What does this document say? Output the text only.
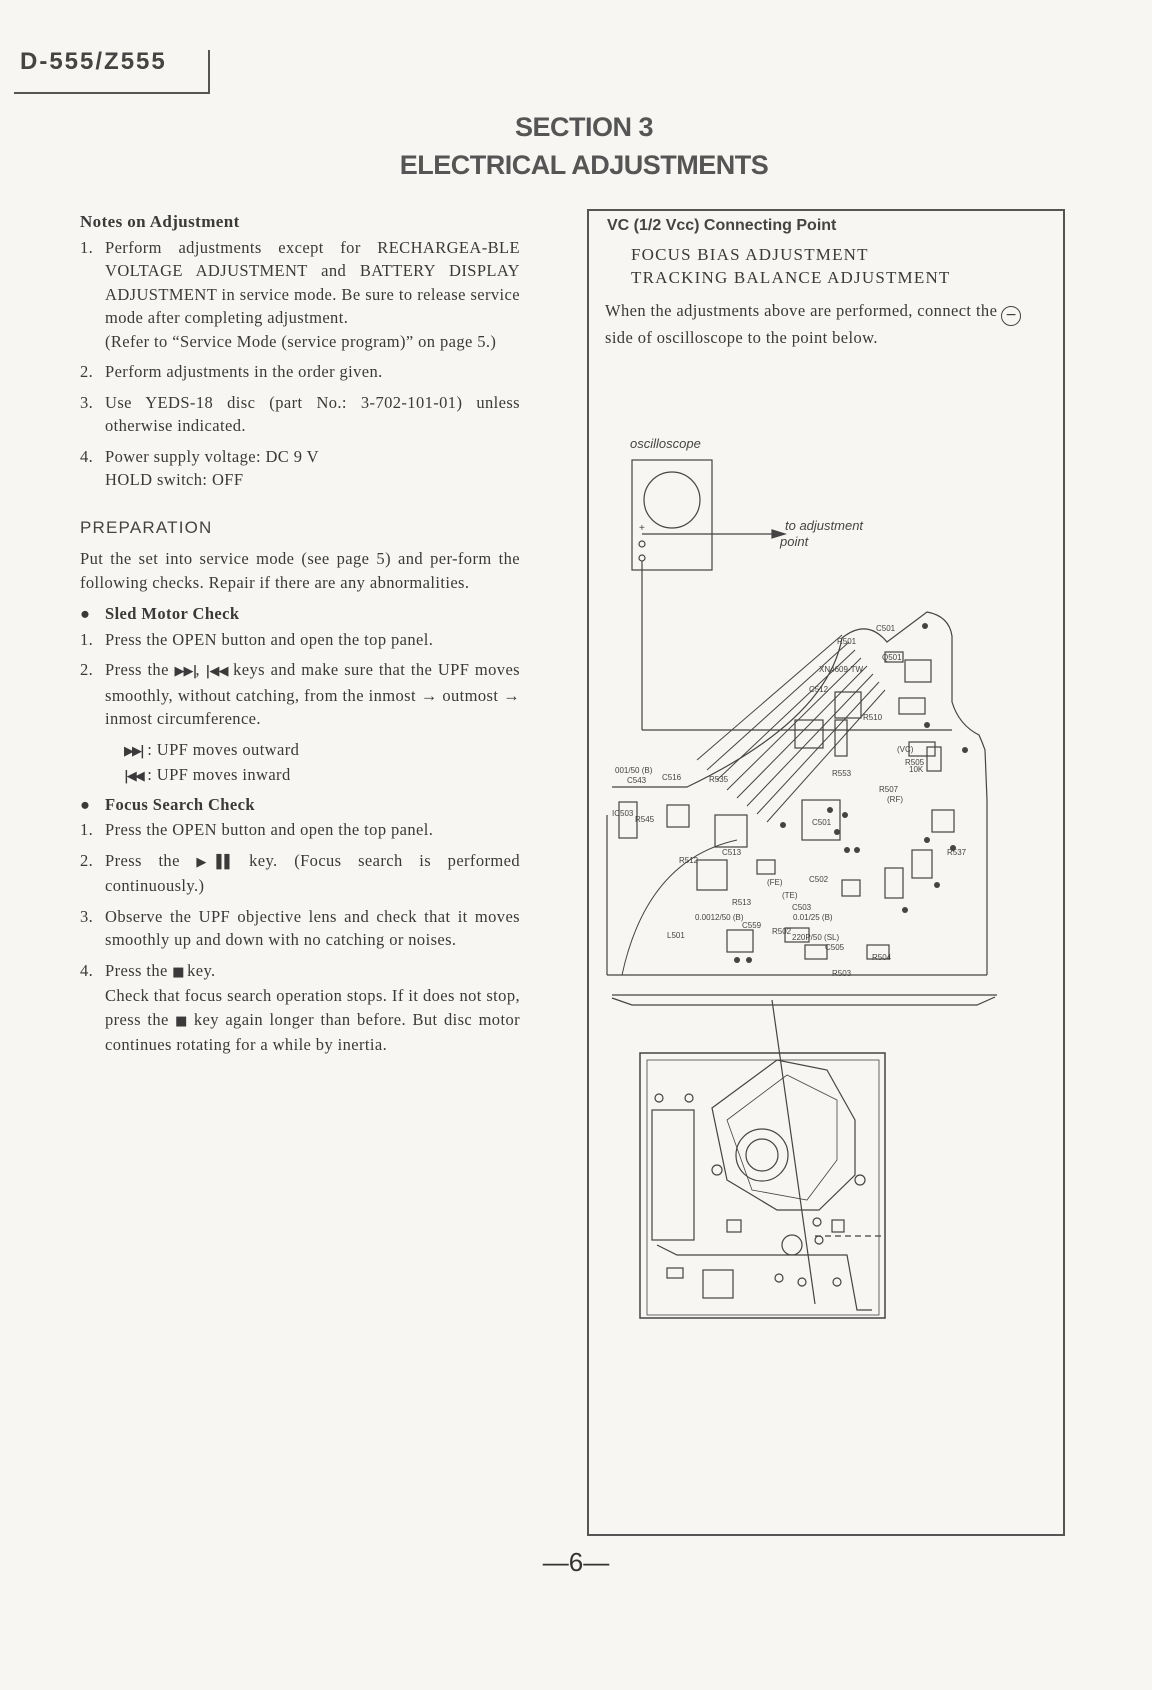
D-555/Z555
SECTION 3
ELECTRICAL ADJUSTMENTS
Notes on Adjustment
1. Perform adjustments except for RECHARGEA-BLE VOLTAGE ADJUSTMENT and BATTERY DISPLAY ADJUSTMENT in service mode. Be sure to release service mode after completing adjustment.
(Refer to “Service Mode (service program)” on page 5.)
2. Perform adjustments in the order given.
3. Use YEDS-18 disc (part No.: 3-702-101-01) unless otherwise indicated.
4. Power supply voltage: DC 9 V
HOLD switch: OFF
PREPARATION
Put the set into service mode (see page 5) and per-form the following checks. Repair if there are any abnormalities.
● Sled Motor Check
1. Press the OPEN button and open the top panel.
2. Press the ▶▶|, |◀◀ keys and make sure that the UPF moves smoothly, without catching, from the inmost → outmost → inmost circumference.
▶▶| : UPF moves outward
|◀◀ : UPF moves inward
● Focus Search Check
1. Press the OPEN button and open the top panel.
2. Press the ▶▌▌ key. (Focus search is performed continuously.)
3. Observe the UPF objective lens and check that it moves smoothly up and down with no catching or noises.
4. Press the ■ key.
Check that focus search operation stops. If it does not stop, press the ■ key again longer than before. But disc motor continues rotating for a while by inertia.
VC (1/2 Vcc) Connecting Point
FOCUS BIAS ADJUSTMENT
TRACKING BALANCE ADJUSTMENT
When the adjustments above are performed, connect the −side of oscilloscope to the point below.
oscilloscope
+	to adjustment
point
C501
R501
XN4609-TW
Q501
C512
R510
(VC)
R505
R553
R507
(RF)
C501
R535
C516
001/50 (B)
C543
IC503
R545
R512
C513
R513
(FE)
(TE)
C502
C503
0.0012/50 (B)	0.01/25 (B)
C559
R502
220P/50 (SL)
C505
R504
R503
R537
L501
10K
—6—
